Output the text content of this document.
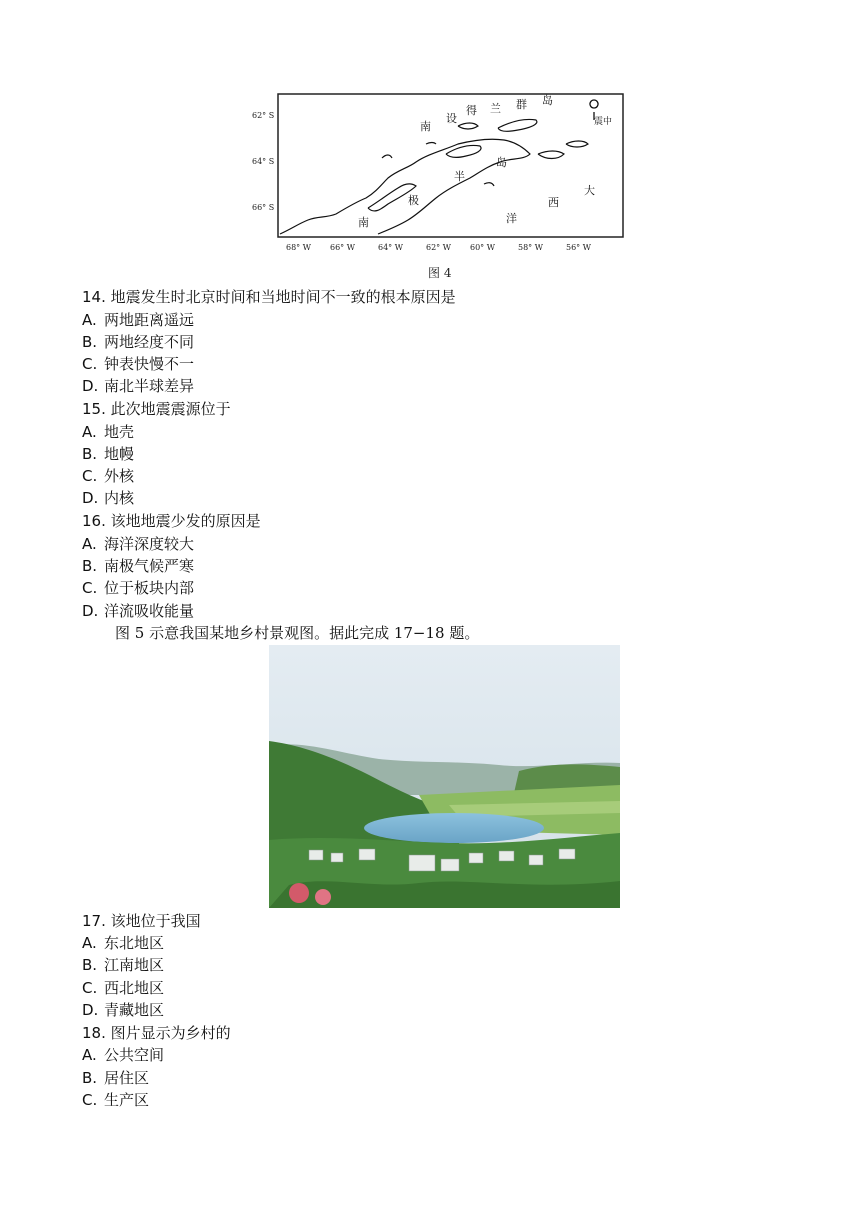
62° S
64° S
66° S
68° W 66° W	64° W	62° W 60° W	58° W	56° W
南
设
得 兰 群 岛
南
极
半
岛
大
西
洋
震中
图 4
14. 地震发生时北京时间和当地时间不一致的根本原因是
A. 两地距离遥远
B. 两地经度不同
C. 钟表快慢不一
D. 南北半球差异
15. 此次地震震源位于
A. 地壳
B. 地幔
C. 外核
D. 内核
16. 该地地震少发的原因是
A. 海洋深度较大
B. 南极气候严寒
C. 位于板块内部
D. 洋流吸收能量
图 5 示意我国某地乡村景观图。据此完成 17−18 题。
17. 该地位于我国
A. 东北地区
B. 江南地区
C. 西北地区
D. 青藏地区
18. 图片显示为乡村的
A. 公共空间
B. 居住区
C. 生产区
